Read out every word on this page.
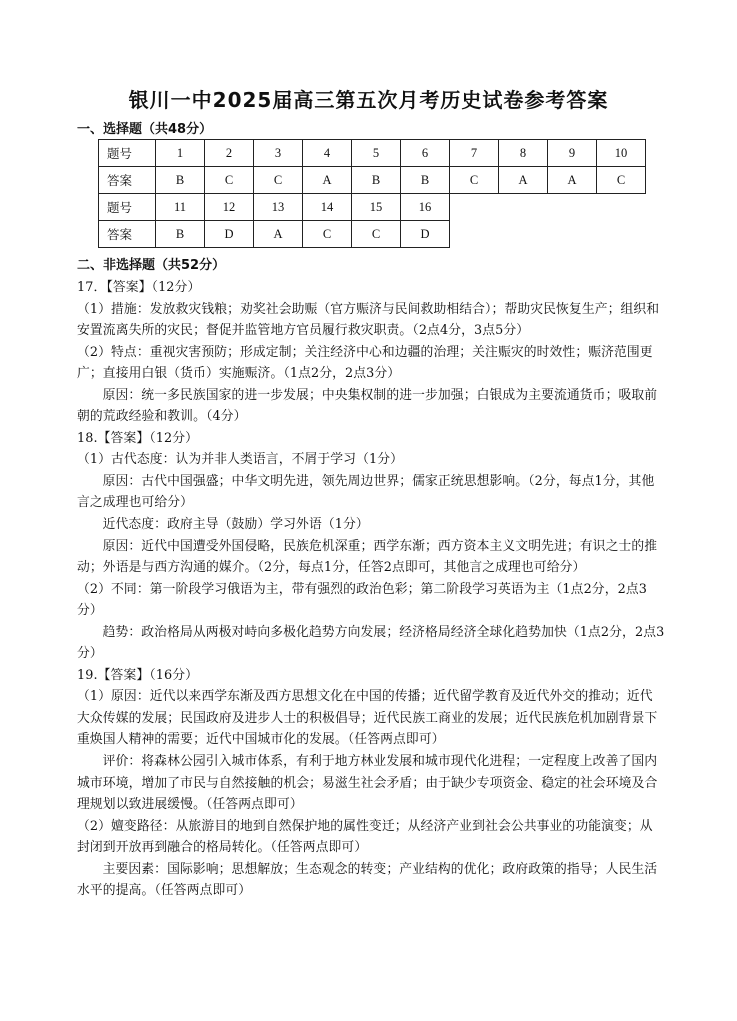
银川一中2025届高三第五次月考历史试卷参考答案
一、选择题（共48分）
题号	1	2	3	4	5	6	7	8	9	10
答案	B	C	C	A	B	B	C	A	A	C
题号	11	12	13	14	15	16				
答案	B	D	A	C	C	D				
二、非选择题（共52分）

17．【答案】（12分）

（1）措施：发放救灾钱粮；劝奖社会助赈（官方赈济与民间救助相结合）；帮助灾民恢复生产；组织和安置流离失所的灾民；督促并监管地方官员履行救灾职责。（2点4分，3点5分）

（2）特点：重视灾害预防；形成定制；关注经济中心和边疆的治理；关注赈灾的时效性；赈济范围更广；直接用白银（货币）实施赈济。（1点2分，2点3分）

原因：统一多民族国家的进一步发展；中央集权制的进一步加强；白银成为主要流通货币；吸取前朝的荒政经验和教训。（4分）

18.【答案】（12分）

（1）古代态度：认为并非人类语言，不屑于学习（1分）

原因：古代中国强盛；中华文明先进，领先周边世界；儒家正统思想影响。（2分，每点1分，其他言之成理也可给分）

近代态度：政府主导（鼓励）学习外语（1分）

原因：近代中国遭受外国侵略，民族危机深重；西学东渐；西方资本主义文明先进；有识之士的推动；外语是与西方沟通的媒介。（2分，每点1分，任答2点即可，其他言之成理也可给分）

（2）不同：第一阶段学习俄语为主，带有强烈的政治色彩；第二阶段学习英语为主（1点2分，2点3分）

趋势：政治格局从两极对峙向多极化趋势方向发展；经济格局经济全球化趋势加快（1点2分，2点3分）

19.【答案】（16分）

（1）原因：近代以来西学东渐及西方思想文化在中国的传播；近代留学教育及近代外交的推动；近代大众传媒的发展；民国政府及进步人士的积极倡导；近代民族工商业的发展；近代民族危机加剧背景下重焕国人精神的需要；近代中国城市化的发展。（任答两点即可）

评价：将森林公园引入城市体系，有利于地方林业发展和城市现代化进程；一定程度上改善了国内城市环境，增加了市民与自然接触的机会；易滋生社会矛盾；由于缺少专项资金、稳定的社会环境及合理规划以致进展缓慢。（任答两点即可）

（2）嬗变路径：从旅游目的地到自然保护地的属性变迁；从经济产业到社会公共事业的功能演变；从封闭到开放再到融合的格局转化。（任答两点即可）

主要因素：国际影响；思想解放；生态观念的转变；产业结构的优化；政府政策的指导；人民生活水平的提高。（任答两点即可）
